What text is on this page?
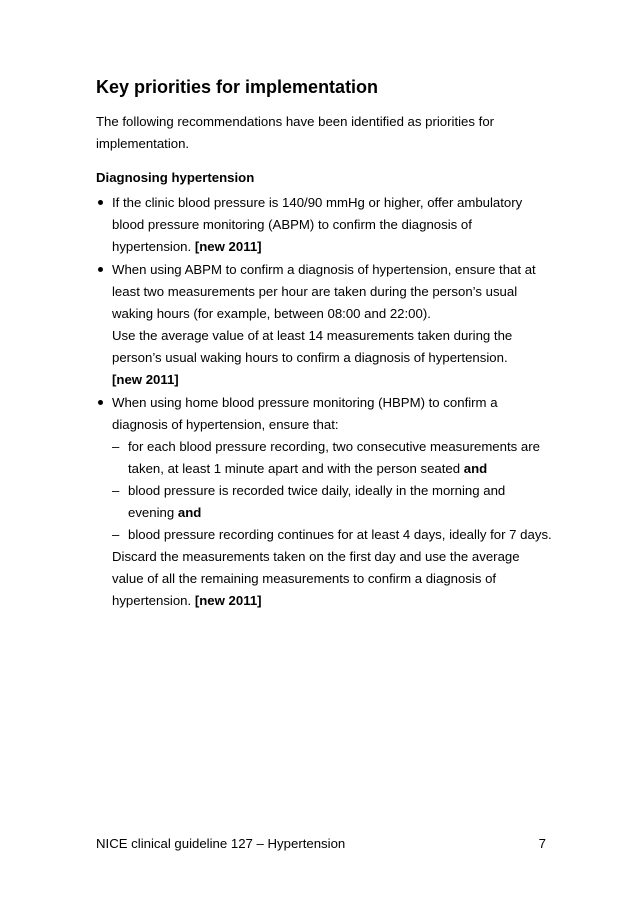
Key priorities for implementation
The following recommendations have been identified as priorities for
implementation.
Diagnosing hypertension
If the clinic blood pressure is 140/90 mmHg or higher, offer ambulatory
blood pressure monitoring (ABPM) to confirm the diagnosis of
hypertension. [new 2011]
When using ABPM to confirm a diagnosis of hypertension, ensure that at
least two measurements per hour are taken during the person’s usual
waking hours (for example, between 08:00 and 22:00).
Use the average value of at least 14 measurements taken during the
person’s usual waking hours to confirm a diagnosis of hypertension.
[new 2011]
When using home blood pressure monitoring (HBPM) to confirm a
diagnosis of hypertension, ensure that:
– for each blood pressure recording, two consecutive measurements are
taken, at least 1 minute apart and with the person seated and
– blood pressure is recorded twice daily, ideally in the morning and
evening and
– blood pressure recording continues for at least 4 days, ideally for 7 days.
Discard the measurements taken on the first day and use the average
value of all the remaining measurements to confirm a diagnosis of
hypertension. [new 2011]
NICE clinical guideline 127 – Hypertension	7
